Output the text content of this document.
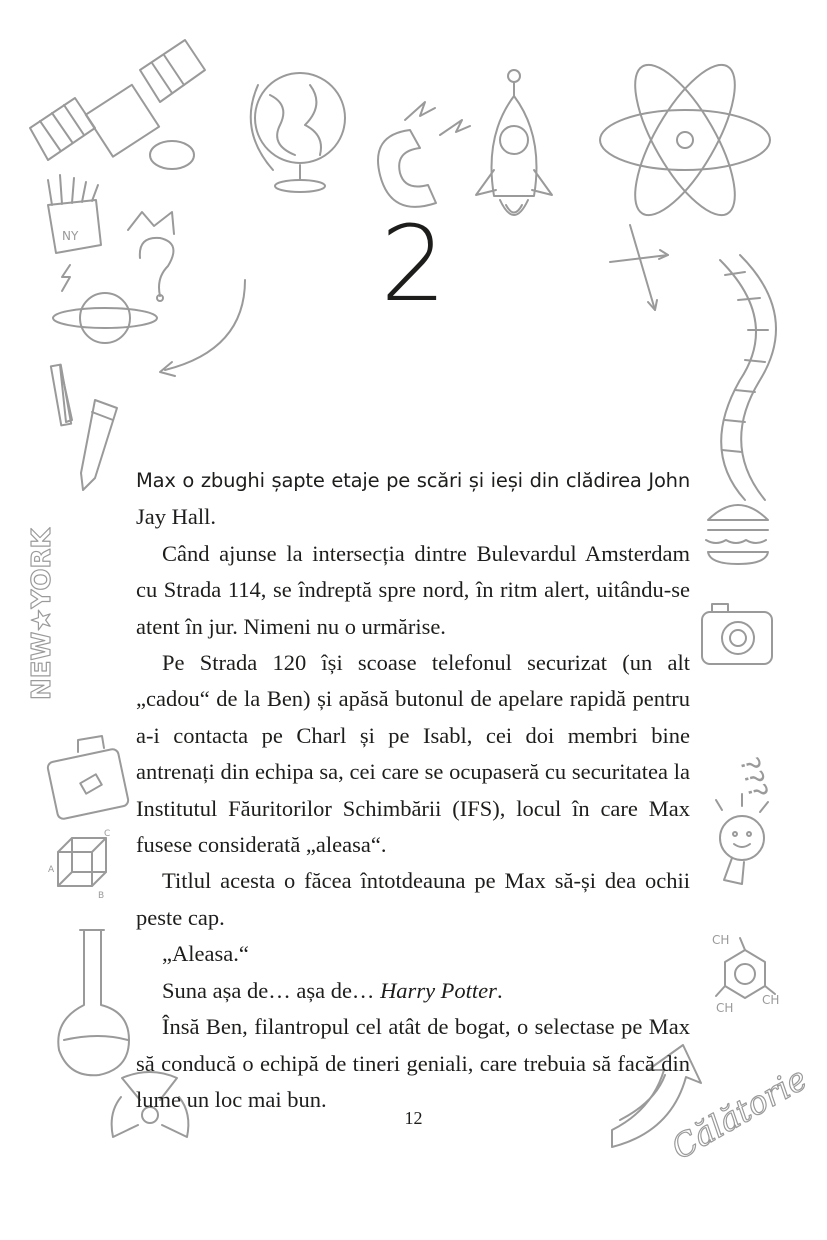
NY
???
NEW★YORK
A
B
C
CH
CH
CH
Călătorie
2

Max o zbughi șapte etaje pe scări și ieși din clădirea John Jay Hall.

Când ajunse la intersecția dintre Bulevardul Amsterdam cu Strada 114, se îndreptă spre nord, în ritm alert, uitându-se atent în jur. Nimeni nu o urmărise.

Pe Strada 120 își scoase telefonul securizat (un alt „cadou“ de la Ben) și apăsă butonul de apelare rapidă pentru a-i contacta pe Charl și pe Isabl, cei doi membri bine antrenați din echipa sa, cei care se ocupaseră cu securitatea la Institutul Făuritorilor Schimbării (IFS), locul în care Max fusese considerată „aleasa“.

Titlul acesta o făcea întotdeauna pe Max să-și dea ochii peste cap.

„Aleasa.“

Suna așa de… așa de… Harry Potter.

Însă Ben, filantropul cel atât de bogat, o selectase pe Max să conducă o echipă de tineri geniali, care trebuia să facă din lume un loc mai bun.

12
